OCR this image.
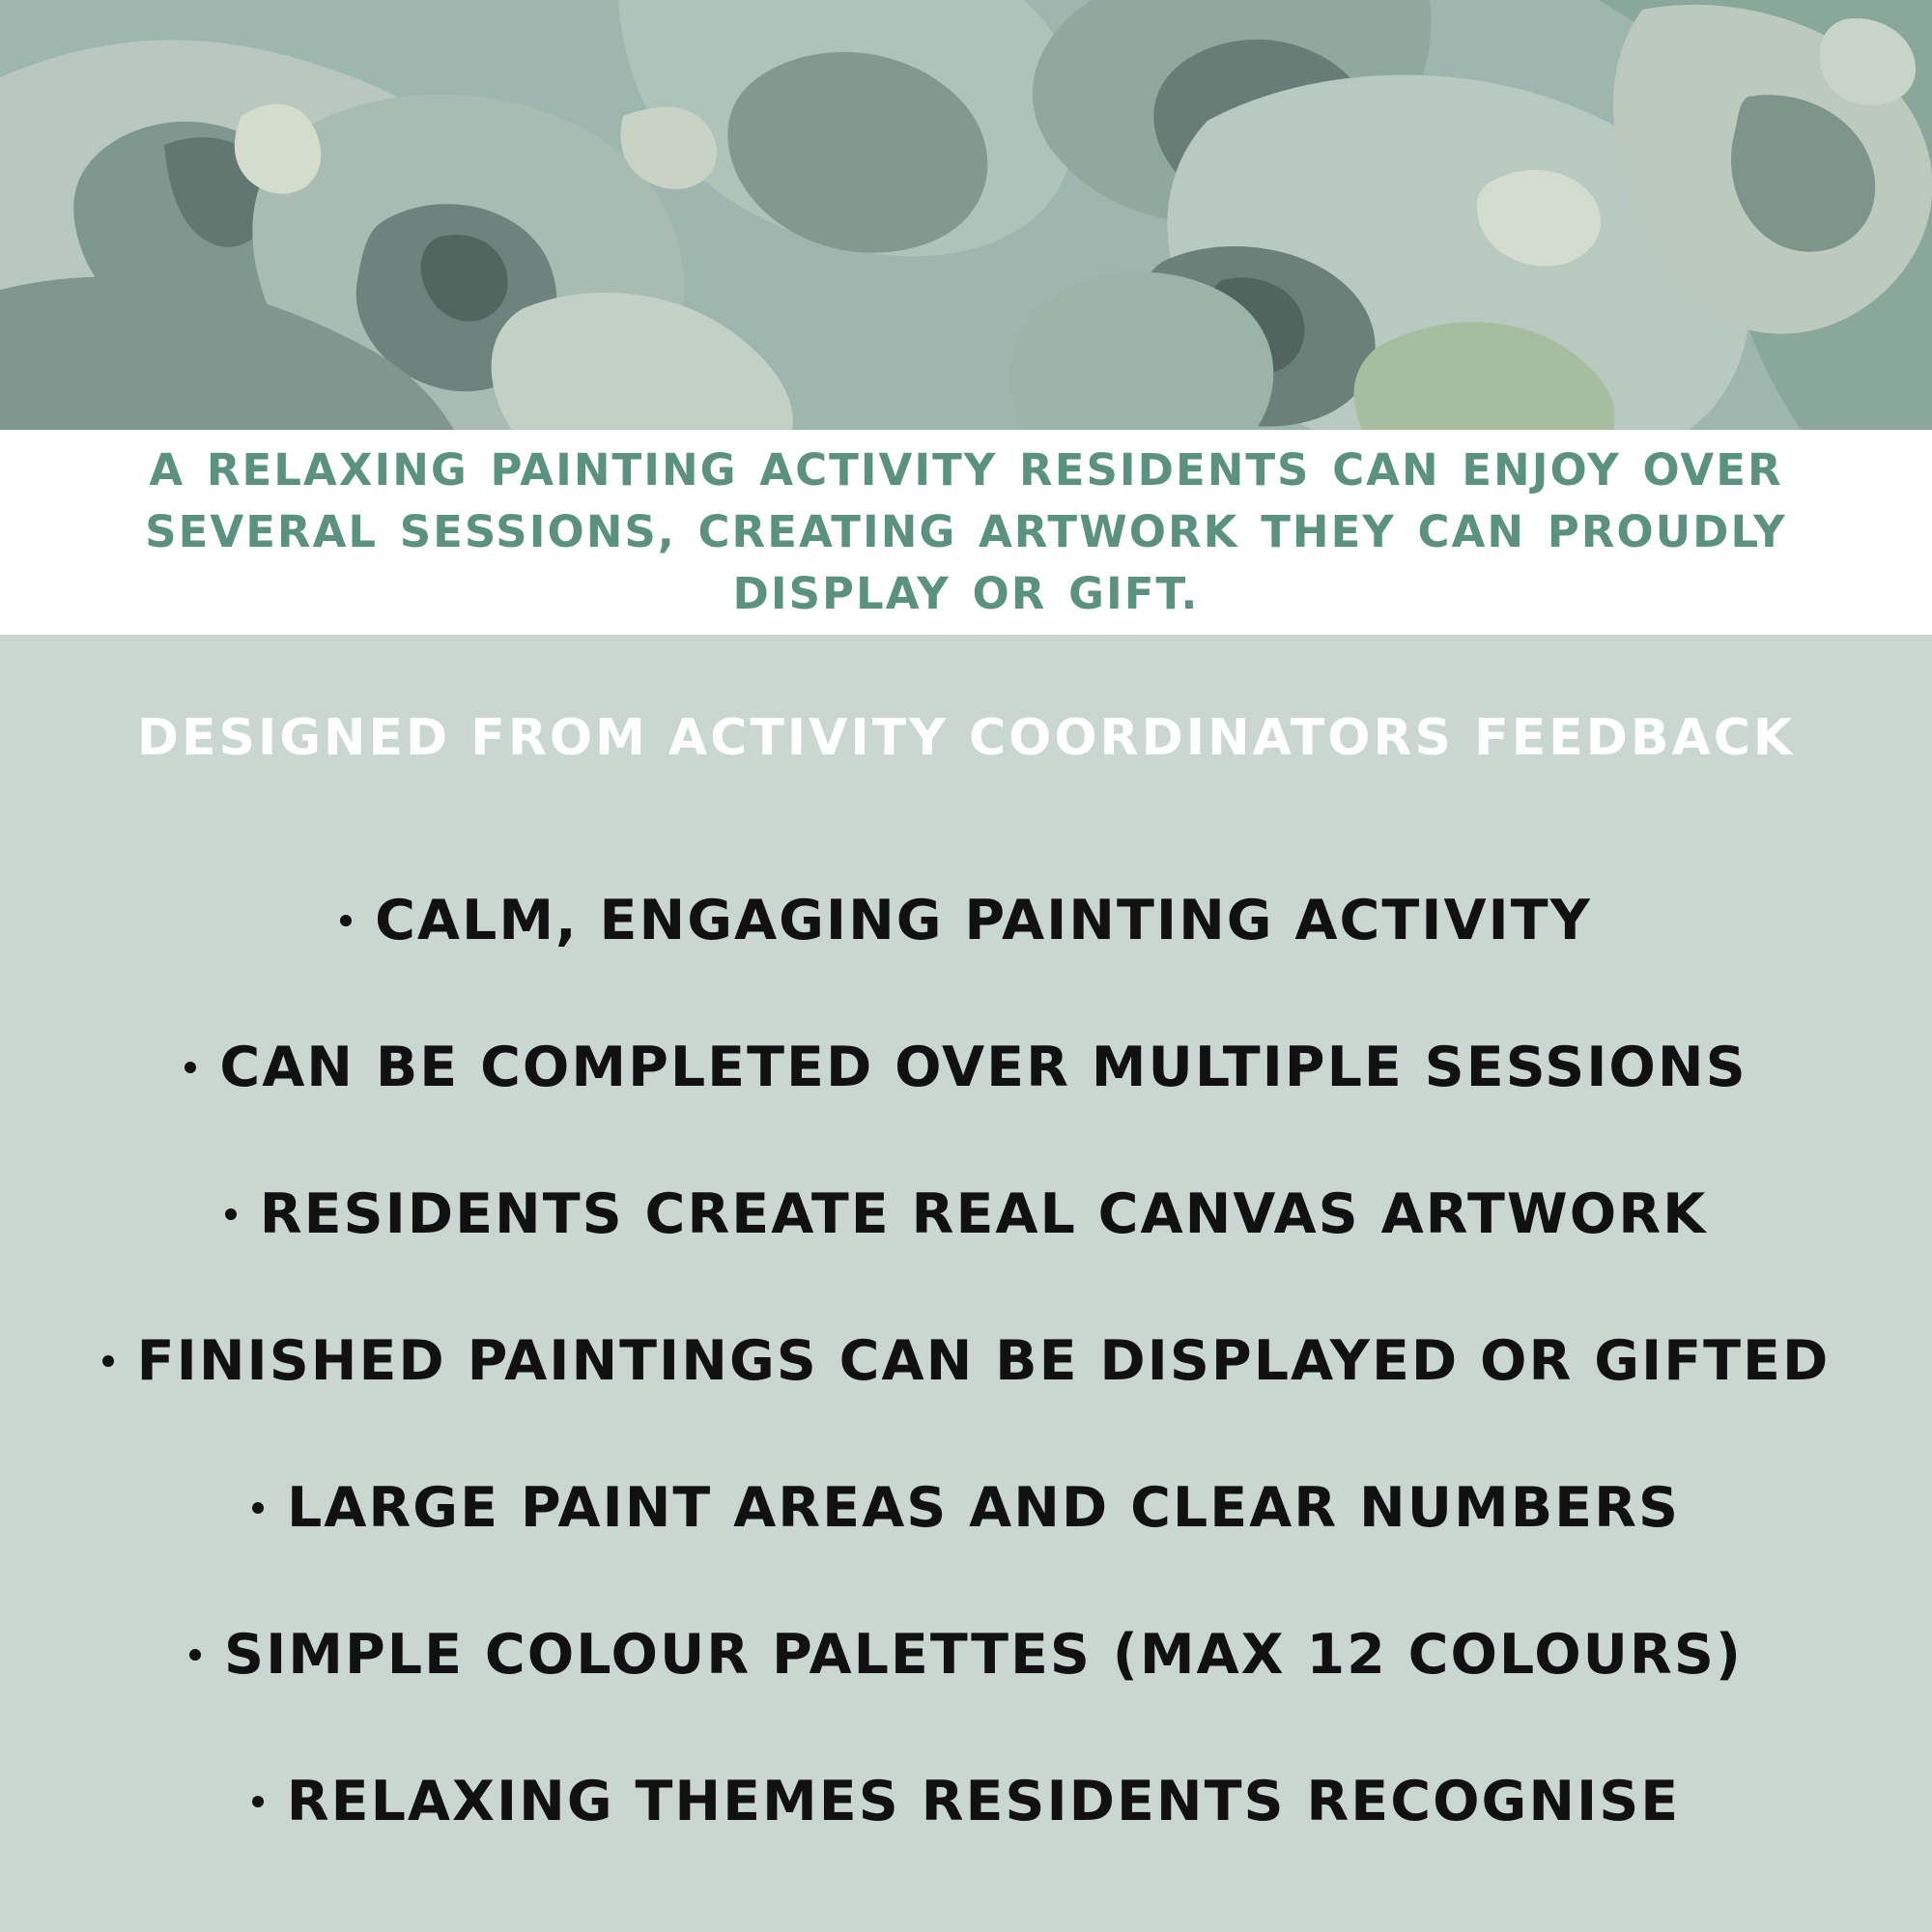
A RELAXING PAINTING ACTIVITY RESIDENTS CAN ENJOY OVER SEVERAL SESSIONS, CREATING ARTWORK THEY CAN PROUDLY DISPLAY OR GIFT.

DESIGNED FROM ACTIVITY COORDINATORS FEEDBACK
CALM, ENGAGING PAINTING ACTIVITY
CAN BE COMPLETED OVER MULTIPLE SESSIONS
RESIDENTS CREATE REAL CANVAS ARTWORK
FINISHED PAINTINGS CAN BE DISPLAYED OR GIFTED
LARGE PAINT AREAS AND CLEAR NUMBERS
SIMPLE COLOUR PALETTES (MAX 12 COLOURS)
RELAXING THEMES RESIDENTS RECOGNISE
